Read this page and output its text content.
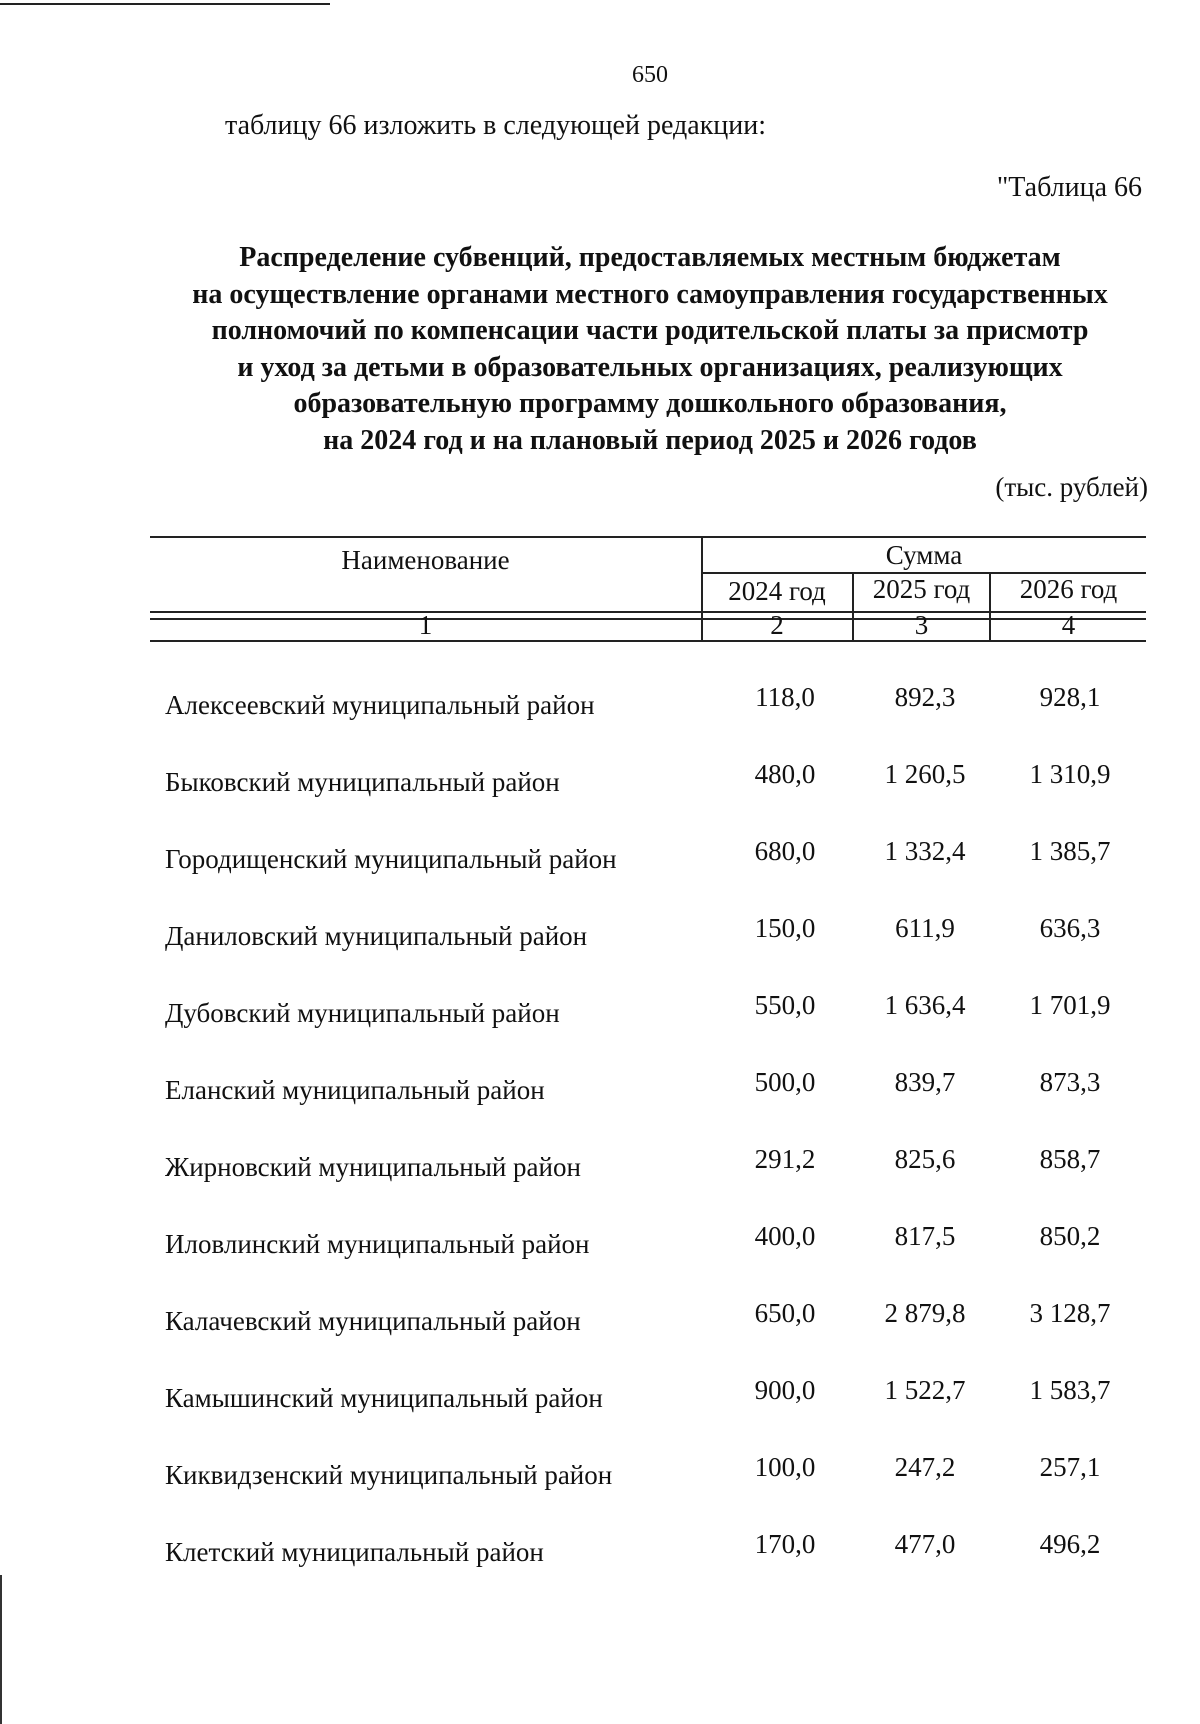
650
таблицу 66 изложить в следующей редакции:
"Таблица 66
Распределение субвенций, предоставляемых местным бюджетам
на осуществление органами местного самоуправления государственных
полномочий по компенсации части родительской платы за присмотр
и уход за детьми в образовательных организациях, реализующих
образовательную программу дошкольного образования,
на 2024 год и на плановый период 2025 и 2026 годов
(тыс. рублей)
Наименование	Сумма
2024 год	2025 год	2026 год
1	2	3	4
Алексеевский муниципальный район	118,0	892,3	928,1
Быковский муниципальный район	480,0	1 260,5	1 310,9
Городищенский муниципальный район	680,0	1 332,4	1 385,7
Даниловский муниципальный район	150,0	611,9	636,3
Дубовский муниципальный район	550,0	1 636,4	1 701,9
Еланский муниципальный район	500,0	839,7	873,3
Жирновский муниципальный район	291,2	825,6	858,7
Иловлинский муниципальный район	400,0	817,5	850,2
Калачевский муниципальный район	650,0	2 879,8	3 128,7
Камышинский муниципальный район	900,0	1 522,7	1 583,7
Киквидзенский муниципальный район	100,0	247,2	257,1
Клетский муниципальный район	170,0	477,0	496,2
